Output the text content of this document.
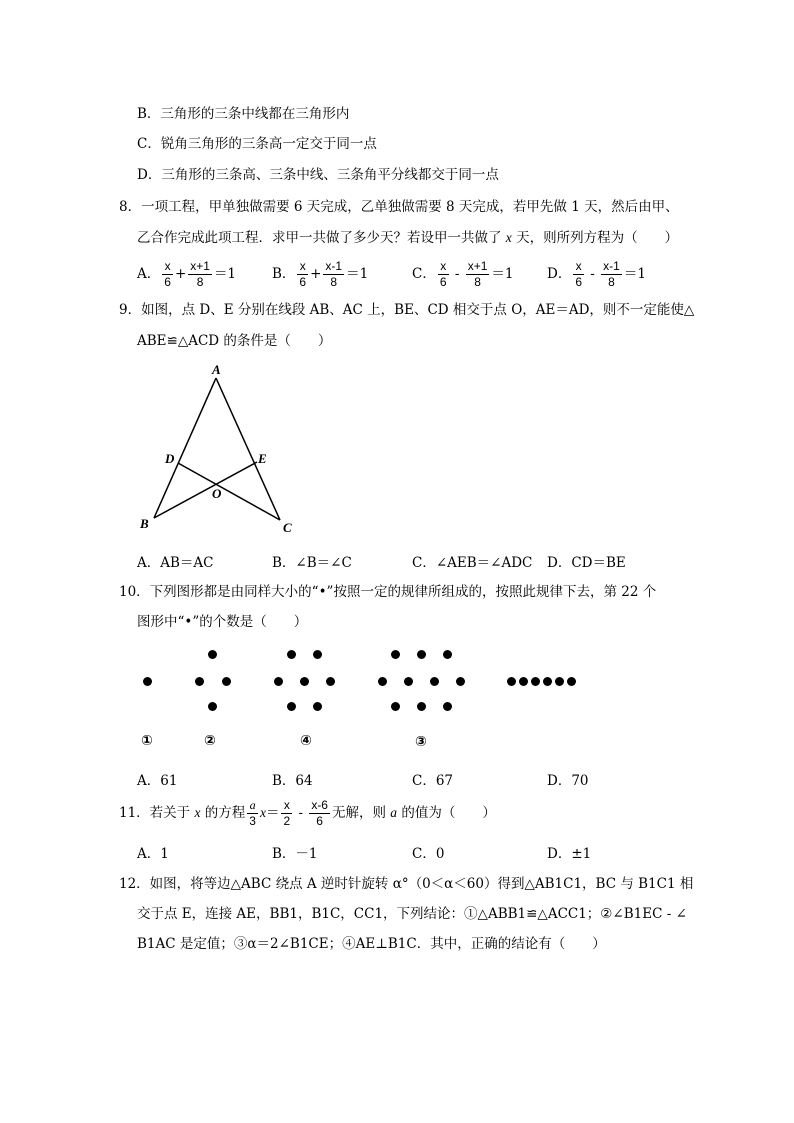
B．三角形的三条中线都在三角形内
C．锐角三角形的三条高一定交于同一点
D．三角形的三条高、三条中线、三条角平分线都交于同一点
8．一项工程，甲单独做需要 6 天完成，乙单独做需要 8 天完成，若甲先做 1 天，然后由甲、
乙合作完成此项工程．求甲一共做了多少天？若设甲一共做了 x 天，则所列方程为（　　）
A． $\frac{x}{6} + \frac{x+1}{8} =1$	B． $\frac{x}{6} + \frac{x-1}{8} =1$	C． $\frac{x}{6} - \frac{x+1}{8} =1$ D． $\frac{x}{6} - \frac{x-1}{8} =1$
9．如图，点 D、E 分别在线段 AB、AC 上，BE、CD 相交于点 O，AE＝AD，则不一定能使△
ABE≌△ACD 的条件是（　　）
A
B	C
D	E
O
A．AB＝AC	B．∠B＝∠C	C．∠AEB＝∠ADC D．CD＝BE
10．下列图形都是由同样大小的“•”按照一定的规律所组成的，按照此规律下去，第 22 个
图形中“•”的个数是（　　）
①	②	④	③
A．61	B．64	C．67	D．70
11．若关于 x 的方程 $\frac{a}{3} x= \frac{x}{2} - \frac{x-6}{6}$ 无解，则 a 的值为（　　）
A．1	B．－1	C．0	D．±1
12．如图，将等边△ABC 绕点 A 逆时针旋转 α°（0＜α＜60）得到△AB1C1，BC 与 B1C1 相
交于点 E，连接 AE，BB1，B1C，CC1，下列结论：①△ABB1≌△ACC1；②∠B1EC - ∠
B1AC 是定值；③α＝2∠B1CE；④AE⊥B1C．其中，正确的结论有（　　）
